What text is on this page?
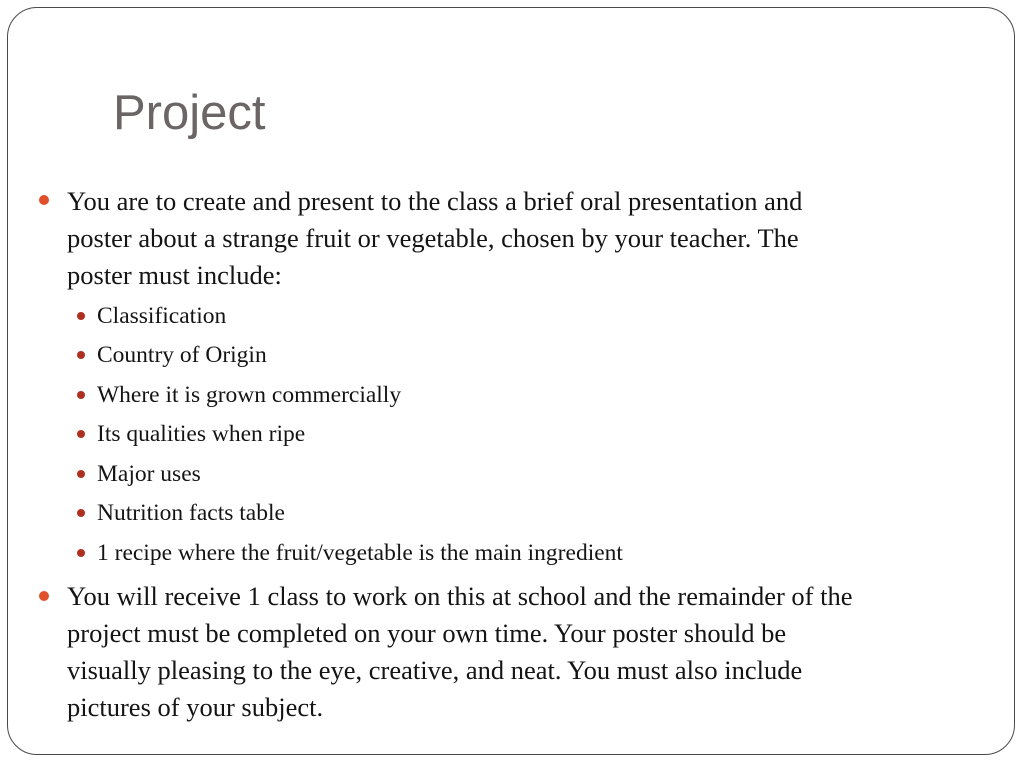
Project
You are to create and present to the class a brief oral presentation and
poster about a strange fruit or vegetable, chosen by your teacher. The
poster must include:
Classification
Country of Origin
Where it is grown commercially
Its qualities when ripe
Major uses
Nutrition facts table
1 recipe where the fruit/vegetable is the main ingredient
You will receive 1 class to work on this at school and the remainder of the
project must be completed on your own time. Your poster should be
visually pleasing to the eye, creative, and neat. You must also include
pictures of your subject.
